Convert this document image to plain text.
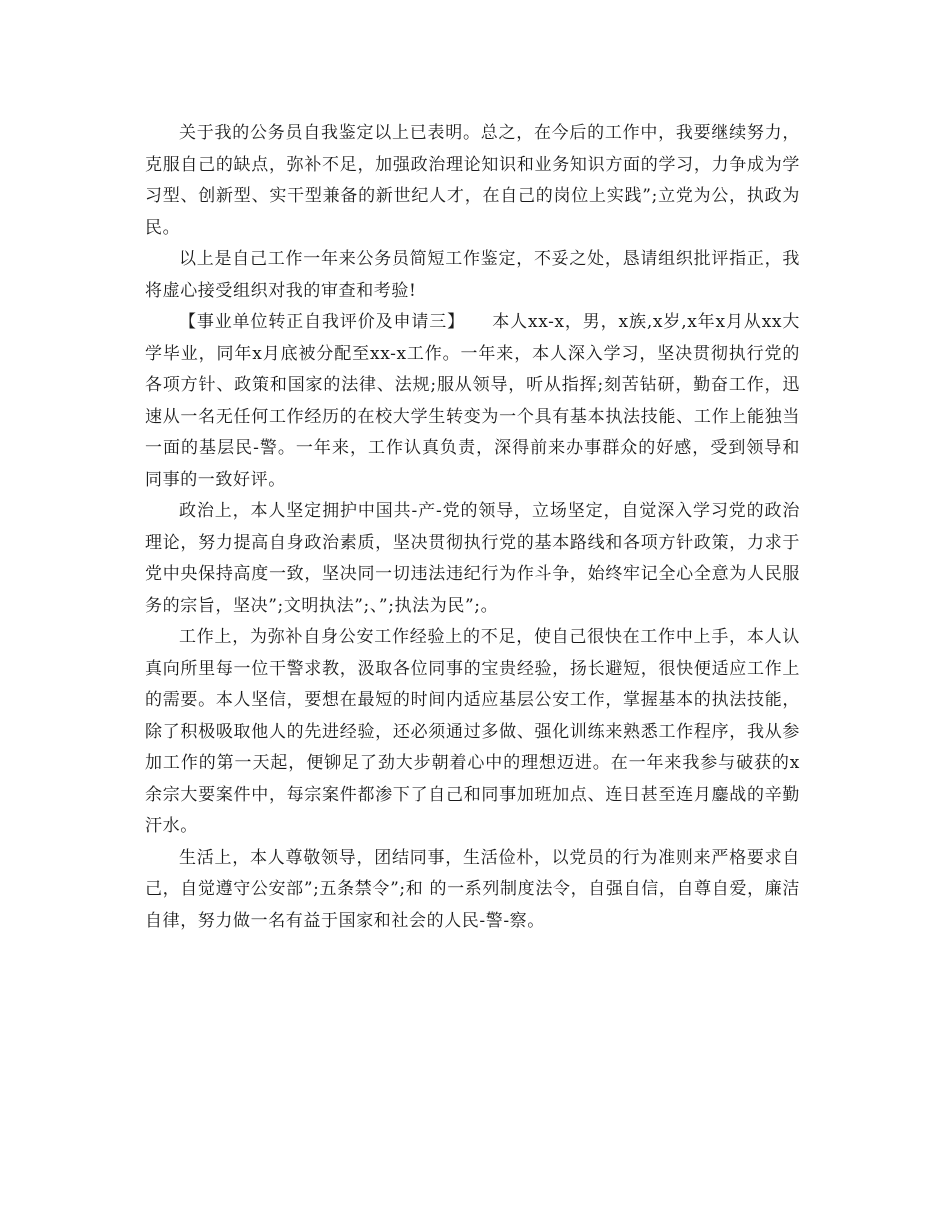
关于我的公务员自我鉴定以上已表明。总之，在今后的工作中，我要继续努力，克服自己的缺点，弥补不足，加强政治理论知识和业务知识方面的学习，力争成为学习型、创新型、实干型兼备的新世纪人才，在自己的岗位上实践”;立党为公，执政为民。

以上是自己工作一年来公务员简短工作鉴定，不妥之处，恳请组织批评指正，我将虚心接受组织对我的审查和考验!

【事业单位转正自我评价及申请三】　　本人xx-x，男，x族,x岁,x年x月从xx大学毕业，同年x月底被分配至xx-x工作。一年来，本人深入学习，坚决贯彻执行党的各项方针、政策和国家的法律、法规;服从领导，听从指挥;刻苦钻研，勤奋工作，迅速从一名无任何工作经历的在校大学生转变为一个具有基本执法技能、工作上能独当一面的基层民-警。一年来，工作认真负责，深得前来办事群众的好感，受到领导和同事的一致好评。

政治上，本人坚定拥护中国共-产-党的领导，立场坚定，自觉深入学习党的政治理论，努力提高自身政治素质，坚决贯彻执行党的基本路线和各项方针政策，力求于党中央保持高度一致，坚决同一切违法违纪行为作斗争，始终牢记全心全意为人民服务的宗旨，坚决”;文明执法”;、”;执法为民”;。

工作上，为弥补自身公安工作经验上的不足，使自己很快在工作中上手，本人认真向所里每一位干警求教，汲取各位同事的宝贵经验，扬长避短，很快便适应工作上的需要。本人坚信，要想在最短的时间内适应基层公安工作，掌握基本的执法技能，除了积极吸取他人的先进经验，还必须通过多做、强化训练来熟悉工作程序，我从参加工作的第一天起，便铆足了劲大步朝着心中的理想迈进。在一年来我参与破获的x余宗大要案件中，每宗案件都渗下了自己和同事加班加点、连日甚至连月鏖战的辛勤汗水。

生活上，本人尊敬领导，团结同事，生活俭朴，以党员的行为准则来严格要求自己，自觉遵守公安部”;五条禁令”;和 的一系列制度法令，自强自信，自尊自爱，廉洁自律，努力做一名有益于国家和社会的人民-警-察。
